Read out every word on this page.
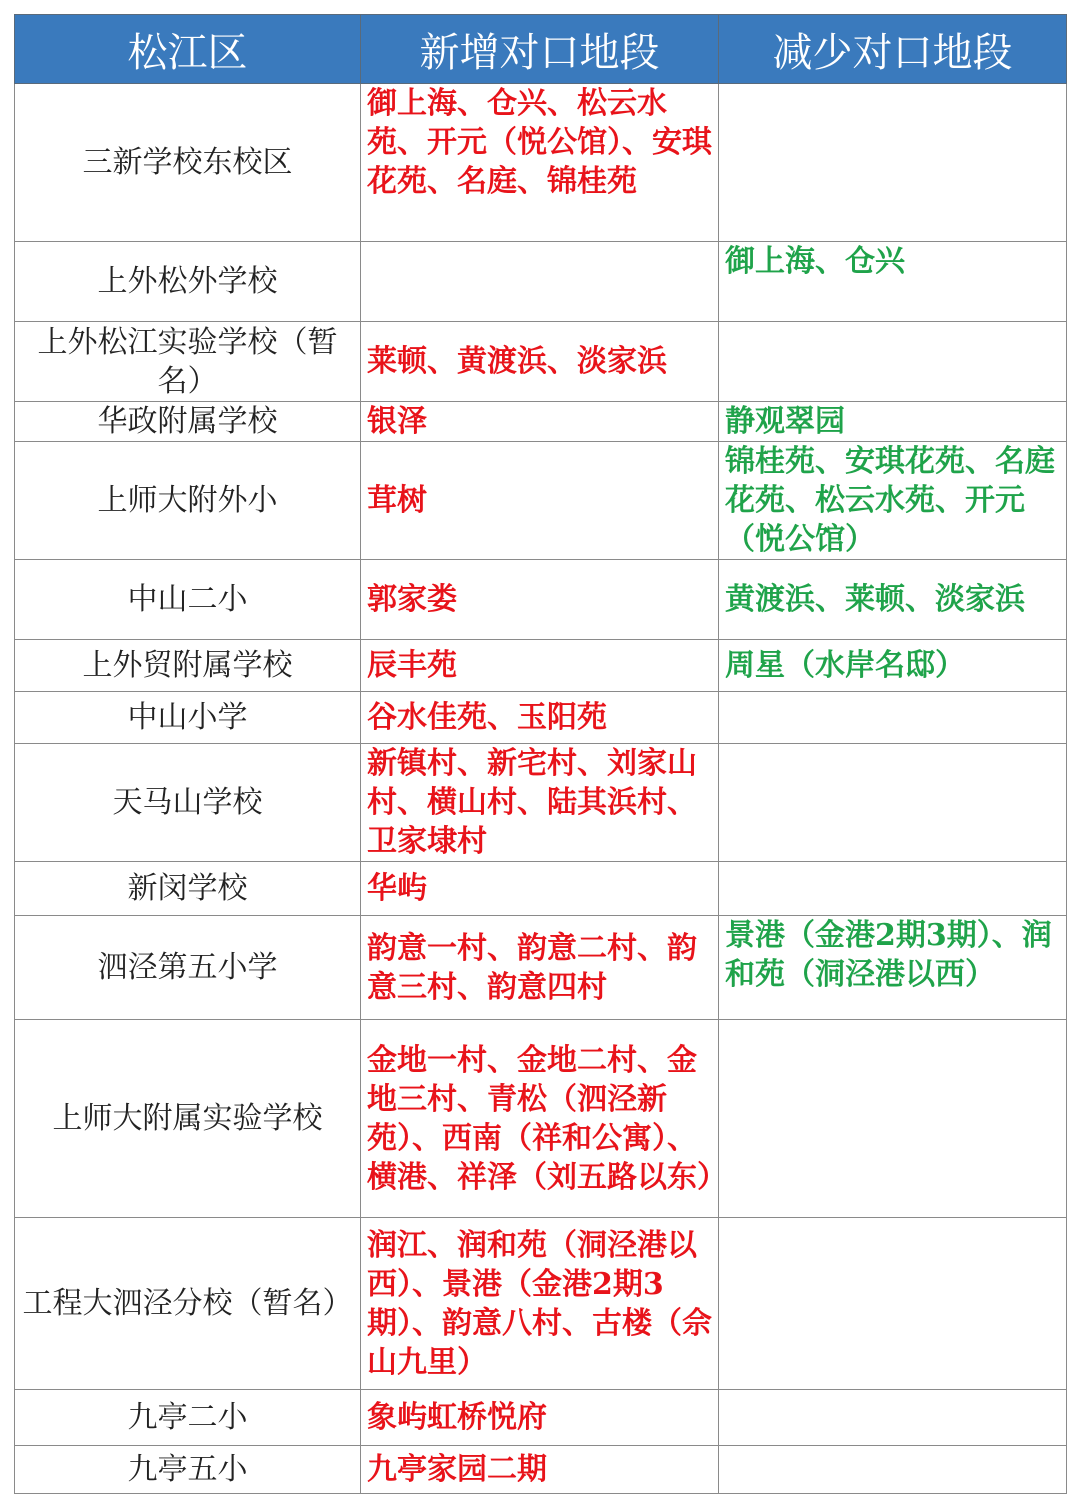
松江区	新增对口地段	减少对口地段
三新学校东校区	御上海、仓兴、松云水苑、开元（悦公馆）、安琪花苑、名庭、锦桂苑	
上外松外学校		御上海、仓兴
上外松江实验学校（暂名）	莱顿、黄渡浜、淡家浜	
华政附属学校	银泽	静观翠园
上师大附外小	茸树	锦桂苑、安琪花苑、名庭花苑、松云水苑、开元（悦公馆）
中山二小	郭家娄	黄渡浜、莱顿、淡家浜
上外贸附属学校	辰丰苑	周星（水岸名邸）
中山小学	谷水佳苑、玉阳苑	
天马山学校	新镇村、新宅村、刘家山村、横山村、陆其浜村、卫家埭村	
新闵学校	华屿	
泗泾第五小学	韵意一村、韵意二村、韵意三村、韵意四村	景港（金港2期3期）、润和苑（洞泾港以西）
上师大附属实验学校	金地一村、金地二村、金地三村、青松（泗泾新苑）、西南（祥和公寓）、横港、祥泽（刘五路以东）	
工程大泗泾分校（暂名）	润江、润和苑（洞泾港以西）、景港（金港2期3期）、韵意八村、古楼（佘山九里）	
九亭二小	象屿虹桥悦府	
九亭五小	九亭家园二期	
